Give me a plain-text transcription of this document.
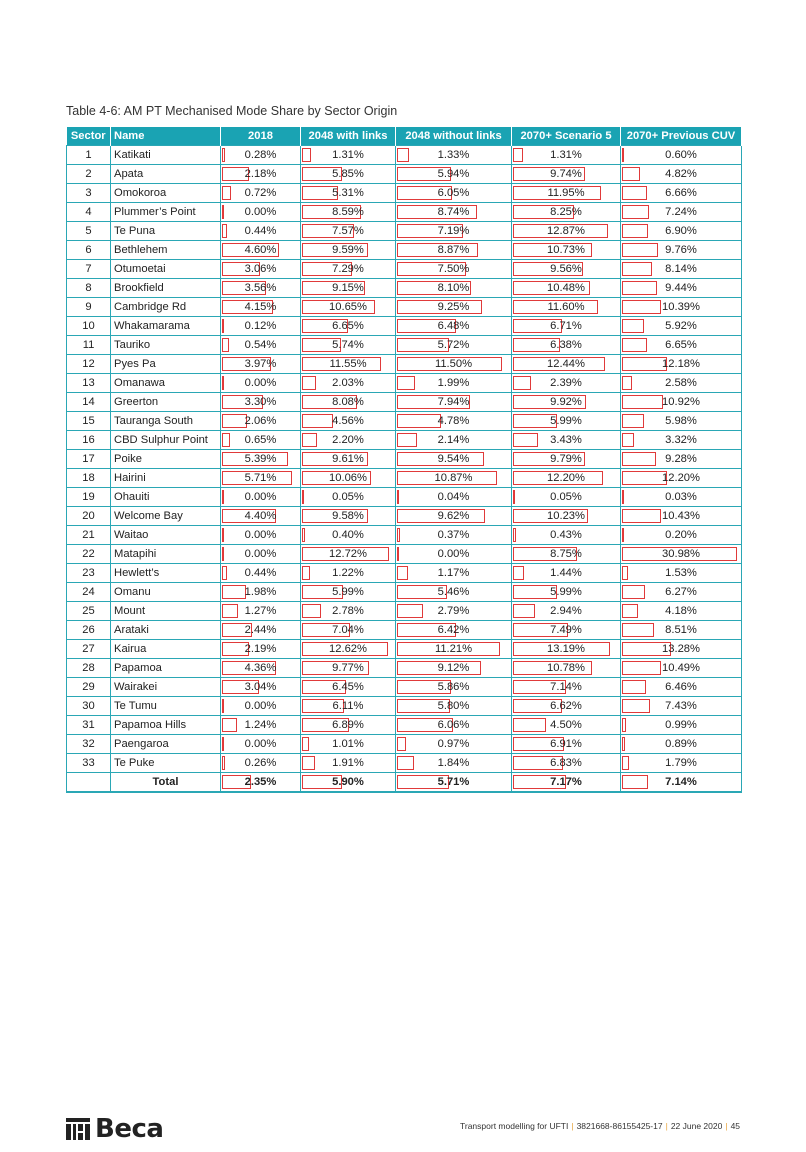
Table 4-6: AM PT Mechanised Mode Share by Sector Origin
Sector	Name	2018	2048 with links	2048 without links	2070+ Scenario 5	2070+ Previous CUV
1	Katikati	0.28%	1.31%	1.33%	1.31%	0.60%
2	Apata	2.18%	5.85%	5.94%	9.74%	4.82%
3	Omokoroa	0.72%	5.31%	6.05%	11.95%	6.66%
4	Plummer’s Point	0.00%	8.59%	8.74%	8.25%	7.24%
5	Te Puna	0.44%	7.57%	7.19%	12.87%	6.90%
6	Bethlehem	4.60%	9.59%	8.87%	10.73%	9.76%
7	Otumoetai	3.06%	7.29%	7.50%	9.56%	8.14%
8	Brookfield	3.56%	9.15%	8.10%	10.48%	9.44%
9	Cambridge Rd	4.15%	10.65%	9.25%	11.60%	10.39%
10	Whakamarama	0.12%	6.65%	6.48%	6.71%	5.92%
11	Tauriko	0.54%	5.74%	5.72%	6.38%	6.65%
12	Pyes Pa	3.97%	11.55%	11.50%	12.44%	12.18%
13	Omanawa	0.00%	2.03%	1.99%	2.39%	2.58%
14	Greerton	3.30%	8.08%	7.94%	9.92%	10.92%
15	Tauranga South	2.06%	4.56%	4.78%	5.99%	5.98%
16	CBD Sulphur Point	0.65%	2.20%	2.14%	3.43%	3.32%
17	Poike	5.39%	9.61%	9.54%	9.79%	9.28%
18	Hairini	5.71%	10.06%	10.87%	12.20%	12.20%
19	Ohauiti	0.00%	0.05%	0.04%	0.05%	0.03%
20	Welcome Bay	4.40%	9.58%	9.62%	10.23%	10.43%
21	Waitao	0.00%	0.40%	0.37%	0.43%	0.20%
22	Matapihi	0.00%	12.72%	0.00%	8.75%	30.98%
23	Hewlett’s	0.44%	1.22%	1.17%	1.44%	1.53%
24	Omanu	1.98%	5.99%	5.46%	5.99%	6.27%
25	Mount	1.27%	2.78%	2.79%	2.94%	4.18%
26	Arataki	2.44%	7.04%	6.42%	7.49%	8.51%
27	Kairua	2.19%	12.62%	11.21%	13.19%	13.28%
28	Papamoa	4.36%	9.77%	9.12%	10.78%	10.49%
29	Wairakei	3.04%	6.45%	5.86%	7.14%	6.46%
30	Te Tumu	0.00%	6.11%	5.80%	6.62%	7.43%
31	Papamoa Hills	1.24%	6.89%	6.06%	4.50%	0.99%
32	Paengaroa	0.00%	1.01%	0.97%	6.91%	0.89%
33	Te Puke	0.26%	1.91%	1.84%	6.83%	1.79%
	Total	2.35%	5.90%	5.71%	7.17%	7.14%
Beca	Transport modelling for UFTI | 3821668-86155425-17 | 22 June 2020 | 45
